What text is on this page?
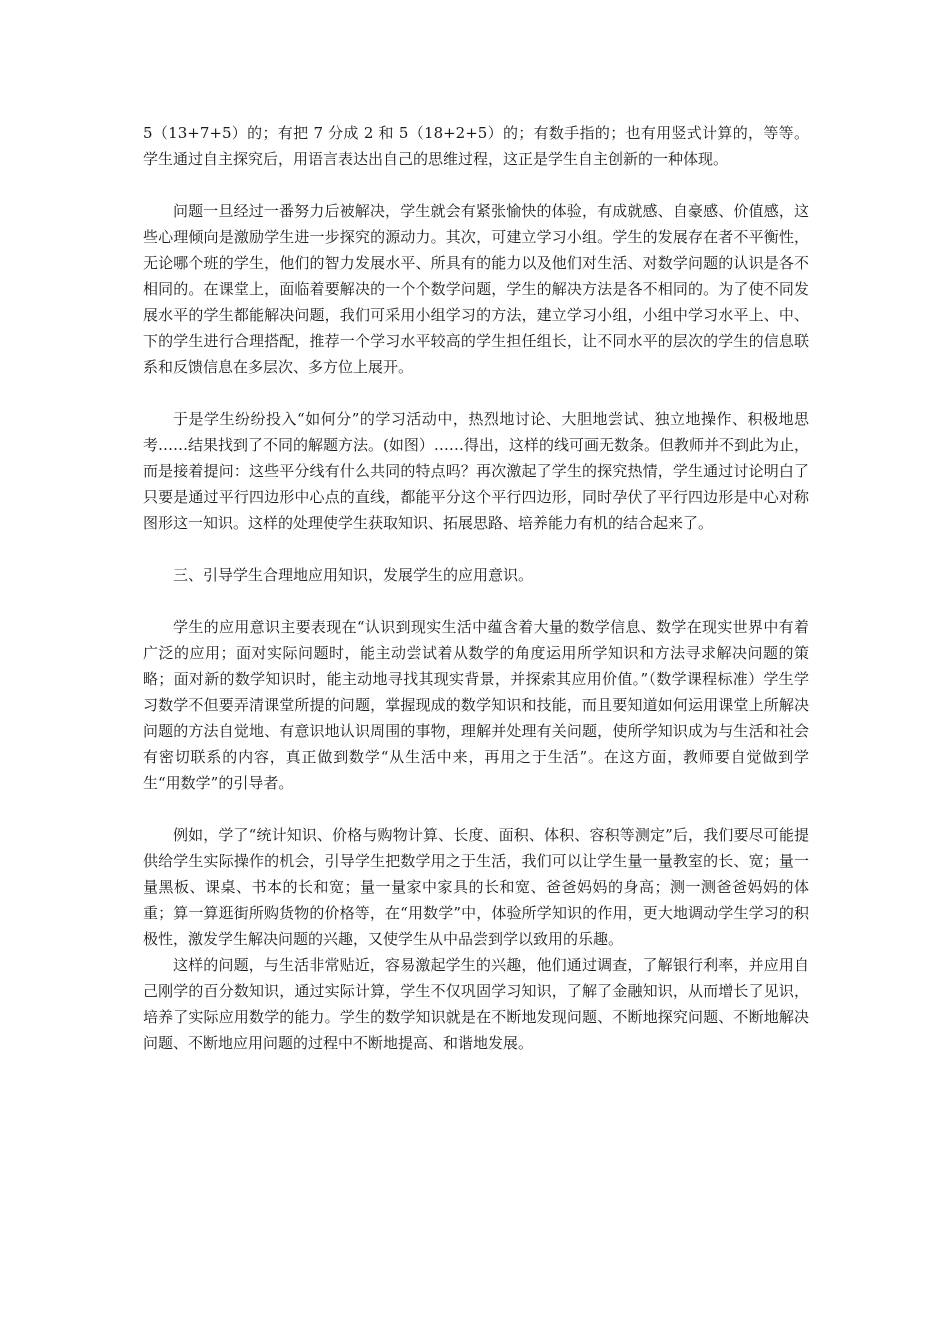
5（13+7+5）的；有把 7 分成 2 和 5（18+2+5）的；有数手指的；也有用竖式计算的，等等。学生通过自主探究后，用语言表达出自己的思维过程，这正是学生自主创新的一种体现。

问题一旦经过一番努力后被解决，学生就会有紧张愉快的体验，有成就感、自豪感、价值感，这些心理倾向是激励学生进一步探究的源动力。其次，可建立学习小组。学生的发展存在者不平衡性，无论哪个班的学生，他们的智力发展水平、所具有的能力以及他们对生活、对数学问题的认识是各不相同的。在课堂上，面临着要解决的一个个数学问题，学生的解决方法是各不相同的。为了使不同发展水平的学生都能解决问题，我们可采用小组学习的方法，建立学习小组，小组中学习水平上、中、下的学生进行合理搭配，推荐一个学习水平较高的学生担任组长，让不同水平的层次的学生的信息联系和反馈信息在多层次、多方位上展开。

于是学生纷纷投入“如何分”的学习活动中，热烈地讨论、大胆地尝试、独立地操作、积极地思考……结果找到了不同的解题方法。(如图）……得出，这样的线可画无数条。但教师并不到此为止，而是接着提问：这些平分线有什么共同的特点吗？再次激起了学生的探究热情，学生通过讨论明白了只要是通过平行四边形中心点的直线，都能平分这个平行四边形，同时孕伏了平行四边形是中心对称图形这一知识。这样的处理使学生获取知识、拓展思路、培养能力有机的结合起来了。

三、引导学生合理地应用知识，发展学生的应用意识。

学生的应用意识主要表现在“认识到现实生活中蕴含着大量的数学信息、数学在现实世界中有着广泛的应用；面对实际问题时，能主动尝试着从数学的角度运用所学知识和方法寻求解决问题的策略；面对新的数学知识时，能主动地寻找其现实背景，并探索其应用价值。”（数学课程标准）学生学习数学不但要弄清课堂所提的问题，掌握现成的数学知识和技能，而且要知道如何运用课堂上所解决问题的方法自觉地、有意识地认识周围的事物，理解并处理有关问题，使所学知识成为与生活和社会有密切联系的内容，真正做到数学“从生活中来，再用之于生活”。在这方面，教师要自觉做到学生“用数学”的引导者。

例如，学了“统计知识、价格与购物计算、长度、面积、体积、容积等测定”后，我们要尽可能提供给学生实际操作的机会，引导学生把数学用之于生活，我们可以让学生量一量教室的长、宽；量一量黑板、课桌、书本的长和宽；量一量家中家具的长和宽、爸爸妈妈的身高；测一测爸爸妈妈的体重；算一算逛街所购货物的价格等，在“用数学”中，体验所学知识的作用，更大地调动学生学习的积极性，激发学生解决问题的兴趣，又使学生从中品尝到学以致用的乐趣。

这样的问题，与生活非常贴近，容易激起学生的兴趣，他们通过调查，了解银行利率，并应用自己刚学的百分数知识，通过实际计算，学生不仅巩固学习知识，了解了金融知识，从而增长了见识，培养了实际应用数学的能力。学生的数学知识就是在不断地发现问题、不断地探究问题、不断地解决问题、不断地应用问题的过程中不断地提高、和谐地发展。
